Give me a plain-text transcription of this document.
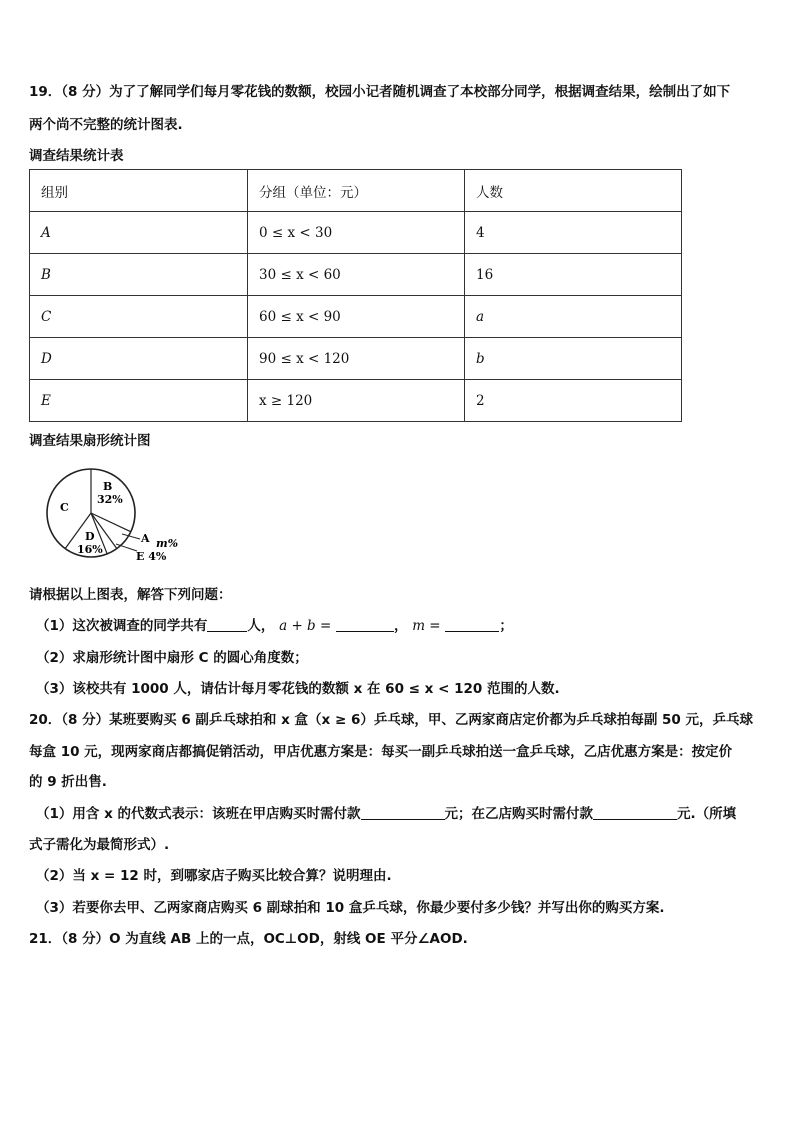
19．（8 分）为了了解同学们每月零花钱的数额，校园小记者随机调查了本校部分同学，根据调查结果，绘制出了如下
两个尚不完整的统计图表.
调查结果统计表
组别	分组（单位：元）	人数
A	0 ≤ x < 30	4
B	30 ≤ x < 60	16
C	60 ≤ x < 90	a
D	90 ≤ x < 120	b
E	x ≥ 120	2
调查结果扇形统计图
B
32%
C
D
16%
A m%
E 4%
请根据以上图表，解答下列问题：
（1）这次被调查的同学共有	人， a + b =	， m =	；
（2）求扇形统计图中扇形 C 的圆心角度数；
（3）该校共有 1000 人，请估计每月零花钱的数额 x 在 60 ≤ x < 120 范围的人数.
20．（8 分）某班要购买 6 副乒乓球拍和 x 盒（x ≥ 6）乒乓球，甲、乙两家商店定价都为乒乓球拍每副 50 元，乒乓球
每盒 10 元，现两家商店都搞促销活动，甲店优惠方案是：每买一副乒乓球拍送一盒乒乓球，乙店优惠方案是：按定价
的 9 折出售.
（1）用含 x 的代数式表示：该班在甲店购买时需付款	元；在乙店购买时需付款	元.（所填
式子需化为最简形式）.
（2）当 x = 12 时，到哪家店子购买比较合算？说明理由.
（3）若要你去甲、乙两家商店购买 6 副球拍和 10 盒乒乓球，你最少要付多少钱？并写出你的购买方案.
21．（8 分）O 为直线 AB 上的一点，OC⊥OD，射线 OE 平分∠AOD.
